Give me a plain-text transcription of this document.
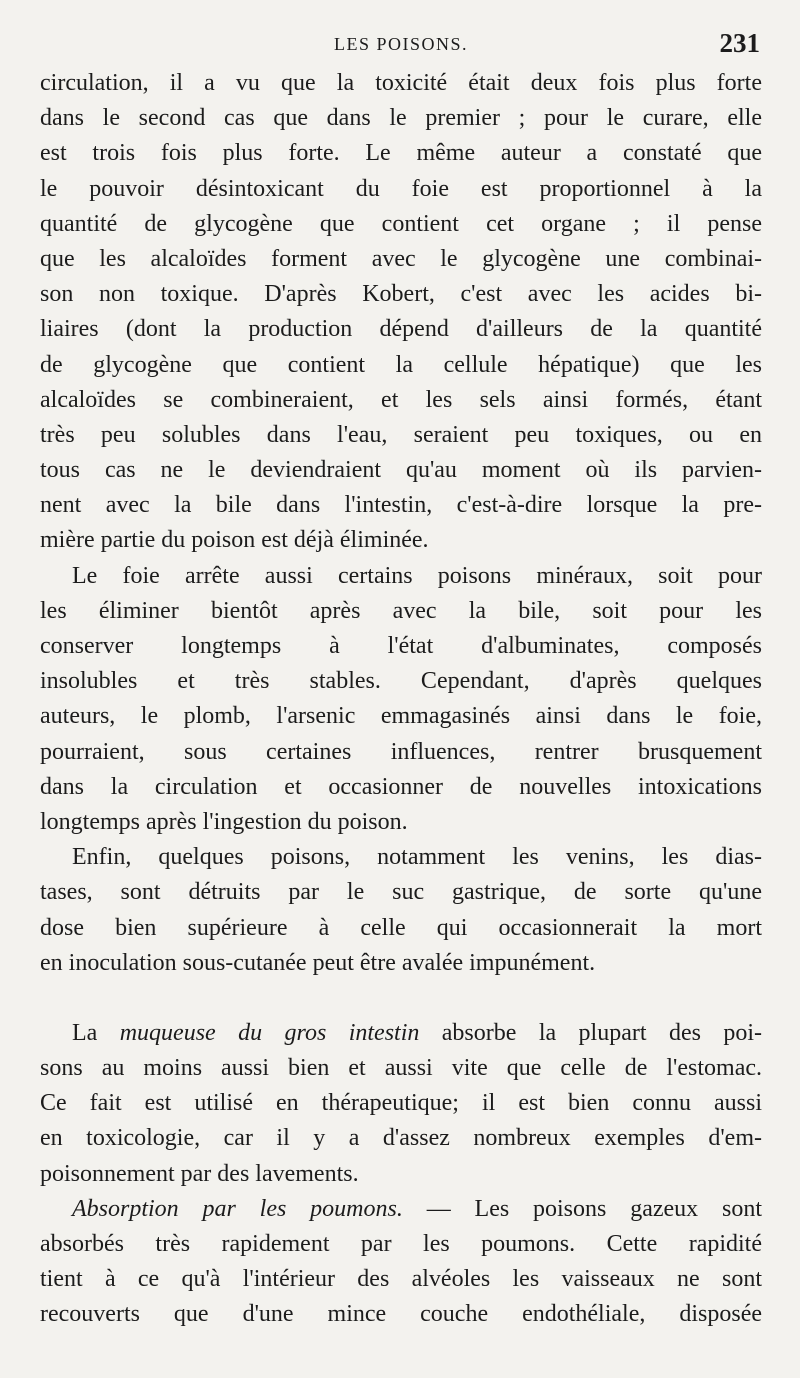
LES POISONS.	231
circulation, il a vu que la toxicité était deux fois plus forte
dans le second cas que dans le premier ; pour le curare, elle
est trois fois plus forte. Le même auteur a constaté que
le pouvoir désintoxicant du foie est proportionnel à la
quantité de glycogène que contient cet organe ; il pense
que les alcaloïdes forment avec le glycogène une combinai-
son non toxique. D'après Kobert, c'est avec les acides bi-
liaires (dont la production dépend d'ailleurs de la quantité
de glycogène que contient la cellule hépatique) que les
alcaloïdes se combineraient, et les sels ainsi formés, étant
très peu solubles dans l'eau, seraient peu toxiques, ou en
tous cas ne le deviendraient qu'au moment où ils parvien-
nent avec la bile dans l'intestin, c'est-à-dire lorsque la pre-
mière partie du poison est déjà éliminée.
Le foie arrête aussi certains poisons minéraux, soit pour
les éliminer bientôt après avec la bile, soit pour les
conserver longtemps à l'état d'albuminates, composés
insolubles et très stables. Cependant, d'après quelques
auteurs, le plomb, l'arsenic emmagasinés ainsi dans le foie,
pourraient, sous certaines influences, rentrer brusquement
dans la circulation et occasionner de nouvelles intoxications
longtemps après l'ingestion du poison.
Enfin, quelques poisons, notamment les venins, les dias-
tases, sont détruits par le suc gastrique, de sorte qu'une
dose bien supérieure à celle qui occasionnerait la mort
en inoculation sous-cutanée peut être avalée impunément.
La muqueuse du gros intestin absorbe la plupart des poi-
sons au moins aussi bien et aussi vite que celle de l'estomac.
Ce fait est utilisé en thérapeutique; il est bien connu aussi
en toxicologie, car il y a d'assez nombreux exemples d'em-
poisonnement par des lavements.
Absorption par les poumons. — Les poisons gazeux sont
absorbés très rapidement par les poumons. Cette rapidité
tient à ce qu'à l'intérieur des alvéoles les vaisseaux ne sont
recouverts que d'une mince couche endothéliale, disposée
